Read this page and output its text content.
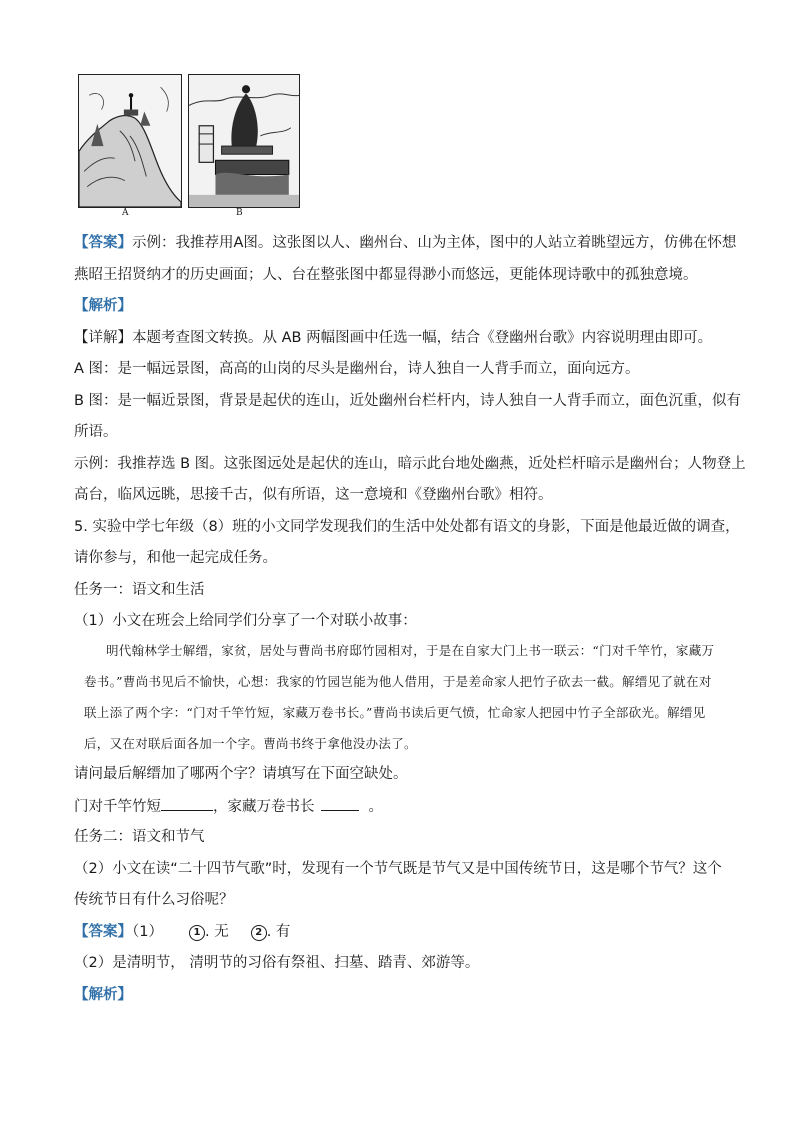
A	B
【答案】示例：我推荐用A图。这张图以人、幽州台、山为主体，图中的人站立着眺望远方，仿佛在怀想
燕昭王招贤纳才的历史画面；人、台在整张图中都显得渺小而悠远，更能体现诗歌中的孤独意境。
【解析】
【详解】本题考查图文转换。从 AB 两幅图画中任选一幅，结合《登幽州台歌》内容说明理由即可。
A 图：是一幅远景图，高高的山岗的尽头是幽州台，诗人独自一人背手而立，面向远方。
B 图：是一幅近景图，背景是起伏的连山，近处幽州台栏杆内，诗人独自一人背手而立，面色沉重，似有
所语。
示例：我推荐选 B 图。这张图远处是起伏的连山，暗示此台地处幽燕，近处栏杆暗示是幽州台；人物登上
高台，临风远眺，思接千古，似有所语，这一意境和《登幽州台歌》相符。
5. 实验中学七年级（8）班的小文同学发现我们的生活中处处都有语文的身影，下面是他最近做的调查，
请你参与，和他一起完成任务。
任务一：语文和生活
（1）小文在班会上给同学们分享了一个对联小故事：
明代翰林学士解缙，家贫，居处与曹尚书府邸竹园相对，于是在自家大门上书一联云：“门对千竿竹，家藏万卷书。”曹尚书见后不愉快，心想：我家的竹园岂能为他人借用，于是差命家人把竹子砍去一截。解缙见了就在对联上添了两个字：“门对千竿竹短，家藏万卷书长。”曹尚书读后更气愤，忙命家人把园中竹子全部砍光。解缙见后，又在对联后面各加一个字。曹尚书终于拿他没办法了。
请问最后解缙加了哪两个字？请填写在下面空缺处。
门对千竿竹短	，家藏万卷书长	。
任务二：语文和节气
（2）小文在读“二十四节气歌”时，发现有一个节气既是节气又是中国传统节日，这是哪个节气？这个
传统节日有什么习俗呢？
【答案】（1）	1 . 无	2 . 有
（2）是清明节， 清明节的习俗有祭祖、扫墓、踏青、郊游等。
【解析】
